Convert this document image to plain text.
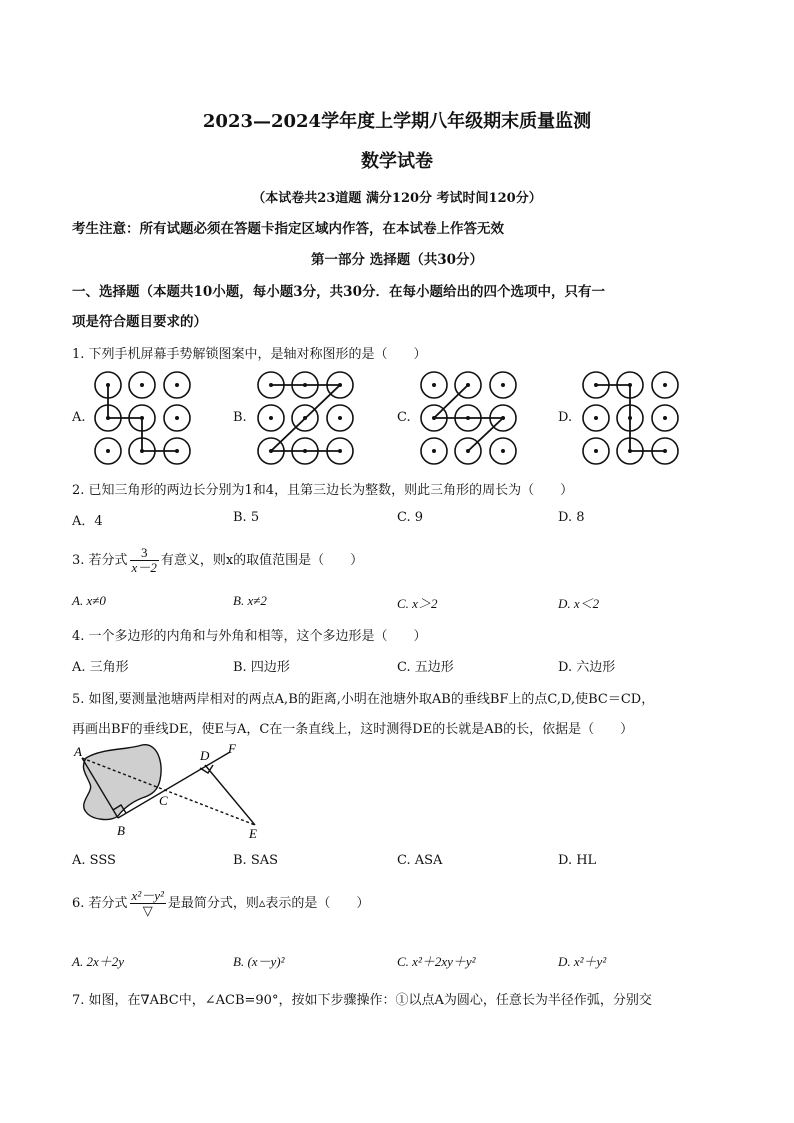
2023—2024学年度上学期八年级期末质量监测
数学试卷
（本试卷共23道题 满分120分 考试时间120分）
考生注意：所有试题必须在答题卡指定区域内作答，在本试卷上作答无效
第一部分 选择题（共30分）
一、选择题（本题共10小题，每小题3分，共30分．在每小题给出的四个选项中，只有一
项是符合题目要求的）
1. 下列手机屏幕手势解锁图案中，是轴对称图形的是（　　）
A.	B.	C.	D.
2. 已知三角形的两边长分别为1和4，且第三边长为整数，则此三角形的周长为（　　）
A．4	B. 5	C. 9	D. 8
3. 若分式 $\frac{3}{x-2}$ 有意义，则x的取值范围是（　　）
A. x≠0	B. x≠2	C. x＞2	D. x＜2
4. 一个多边形的内角和与外角和相等，这个多边形是（　　）
A. 三角形	B. 四边形	C. 五边形	D. 六边形
5. 如图,要测量池塘两岸相对的两点A,B的距离,小明在池塘外取AB的垂线BF上的点C,D,使BC＝CD，
再画出BF的垂线DE，使E与A，C在一条直线上，这时测得DE的长就是AB的长，依据是（　　）
A	D F
C
B	E
A. SSS	B. SAS	C. ASA	D. HL
6. 若分式 $\frac{\text{x²－y²}}{▽}$ 是最简分式，则▵表示的是（　　）
A. 2x＋2y	B. (x－y)²	C. x²＋2xy＋y²	D. x²＋y²
7. 如图，在∇ABC中，∠ACB=90°，按如下步骤操作：①以点A为圆心，任意长为半径作弧，分别交
